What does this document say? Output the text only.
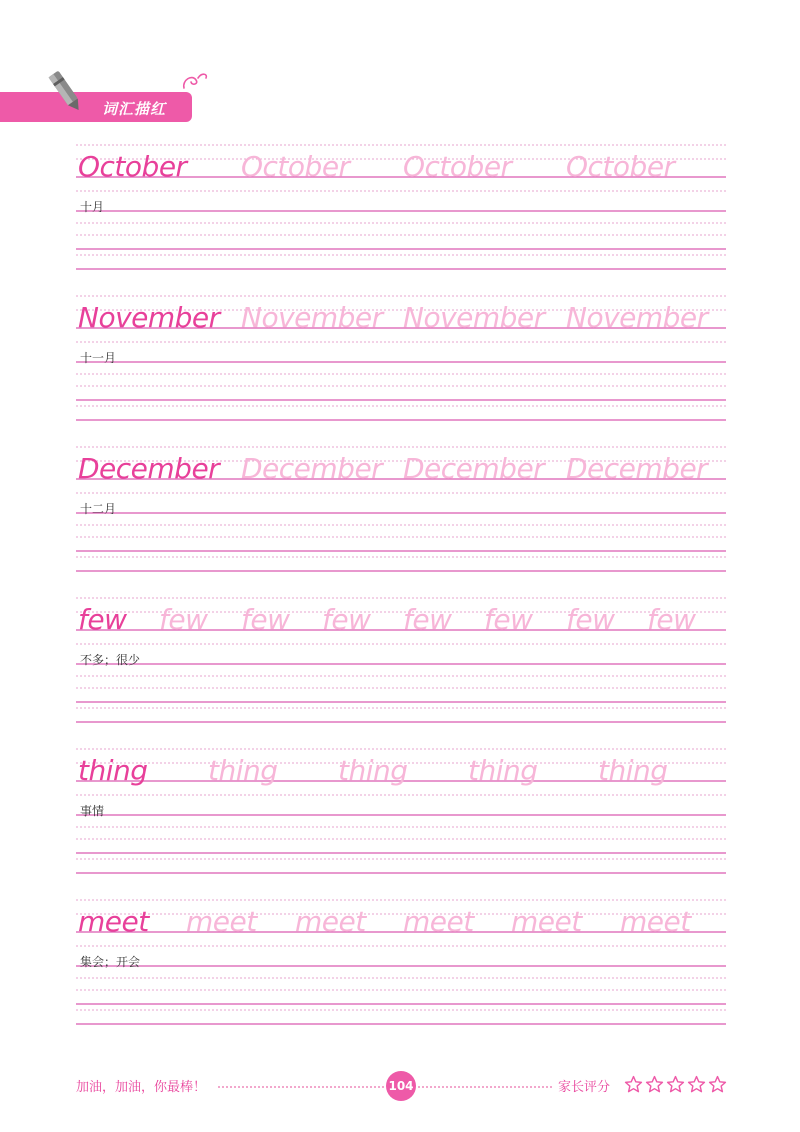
词汇描红
October October October October
十月
November November November November
十一月
December December December December
十二月
few few few few few few few few
不多；很少
thing thing thing thing thing
事情
meet meet meet meet meet meet
集会；开会
加油，加油，你最棒！	104	家长评分
